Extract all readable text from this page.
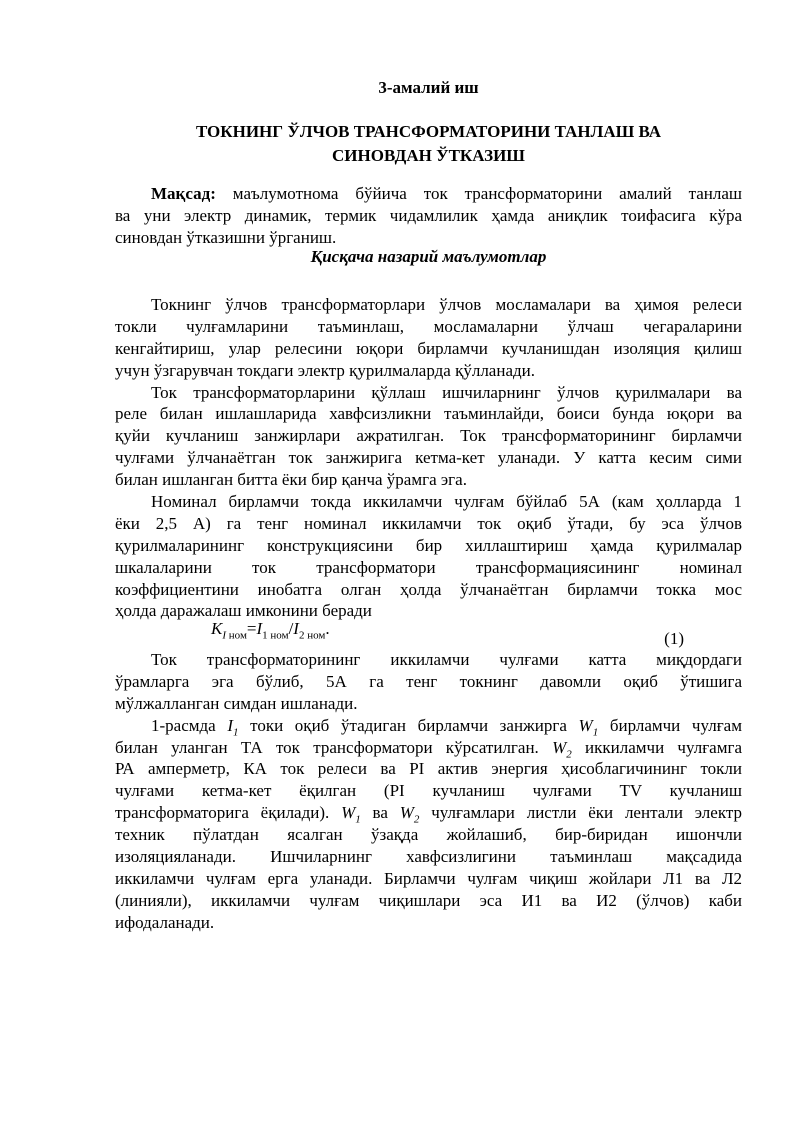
3-амалий иш
ТОКНИНГ ЎЛЧОВ ТРАНСФОРМАТОРИНИ ТАНЛАШ ВА
СИНОВДАН ЎТКАЗИШ
Мақсад: маълумотнома бўйича ток трансформаторини амалий танлаш
ва уни электр динамик, термик чидамлилик ҳамда аниқлик тоифасига кўра
синовдан ўтказишни ўрганиш.
Қисқача назарий маълумотлар
Токнинг ўлчов трансформаторлари ўлчов мосламалари ва ҳимоя релеси
токли чулғамларини таъминлаш, мосламаларни ўлчаш чегараларини
кенгайтириш, улар релесини юқори бирламчи кучланишдан изоляция қилиш
учун ўзгарувчан токдаги электр қурилмаларда қўлланади.
Ток трансформаторларини қўллаш ишчиларнинг ўлчов қурилмалари ва
реле билан ишлашларида хавфсизликни таъминлайди, боиси бунда юқори ва
қуйи кучланиш занжирлари ажратилган. Ток трансформаторининг бирламчи
чулғами ўлчанаётган ток занжирига кетма-кет уланади. У катта кесим сими
билан ишланган битта ёки бир қанча ўрамга эга.
Номинал бирламчи токда иккиламчи чулғам бўйлаб 5А (кам ҳолларда 1
ёки 2,5 А) га тенг номинал иккиламчи ток оқиб ўтади, бу эса ўлчов
қурилмаларининг конструкциясини бир хиллаштириш ҳамда қурилмалар
шкалаларини ток трансформатори трансформациясининг номинал
коэффициентини инобатга олган ҳолда ўлчанаётган бирламчи токка мос
ҳолда даражалаш имконини беради
$K_{I ном}=I_{1 ном}/I_{2 ном}$.
(1)
Ток трансформаторининг иккиламчи чулғами катта миқдордаги
ўрамларга эга бўлиб, 5А га тенг токнинг давомли оқиб ўтишига
мўлжалланган симдан ишланади.
1-расмда $I_1$ токи оқиб ўтадиган бирламчи занжирга $W_1$ бирламчи чулғам
билан уланган ТА ток трансформатори кўрсатилган. $W_2$ иккиламчи чулғамга
РА амперметр, КА ток релеси ва PI актив энергия ҳисоблагичининг токли
чулғами кетма-кет ёқилган (PI кучланиш чулғами TV кучланиш
трансформаторига ёқилади). $W_1$ ва $W_2$ чулғамлари листли ёки лентали электр
техник пўлатдан ясалган ўзақда жойлашиб, бир-биридан ишончли
изоляцияланади. Ишчиларнинг хавфсизлигини таъминлаш мақсадида
иккиламчи чулғам ерга уланади. Бирламчи чулғам чиқиш жойлари Л1 ва Л2
(линияли), иккиламчи чулғам чиқишлари эса И1 ва И2 (ўлчов) каби
ифодаланади.
